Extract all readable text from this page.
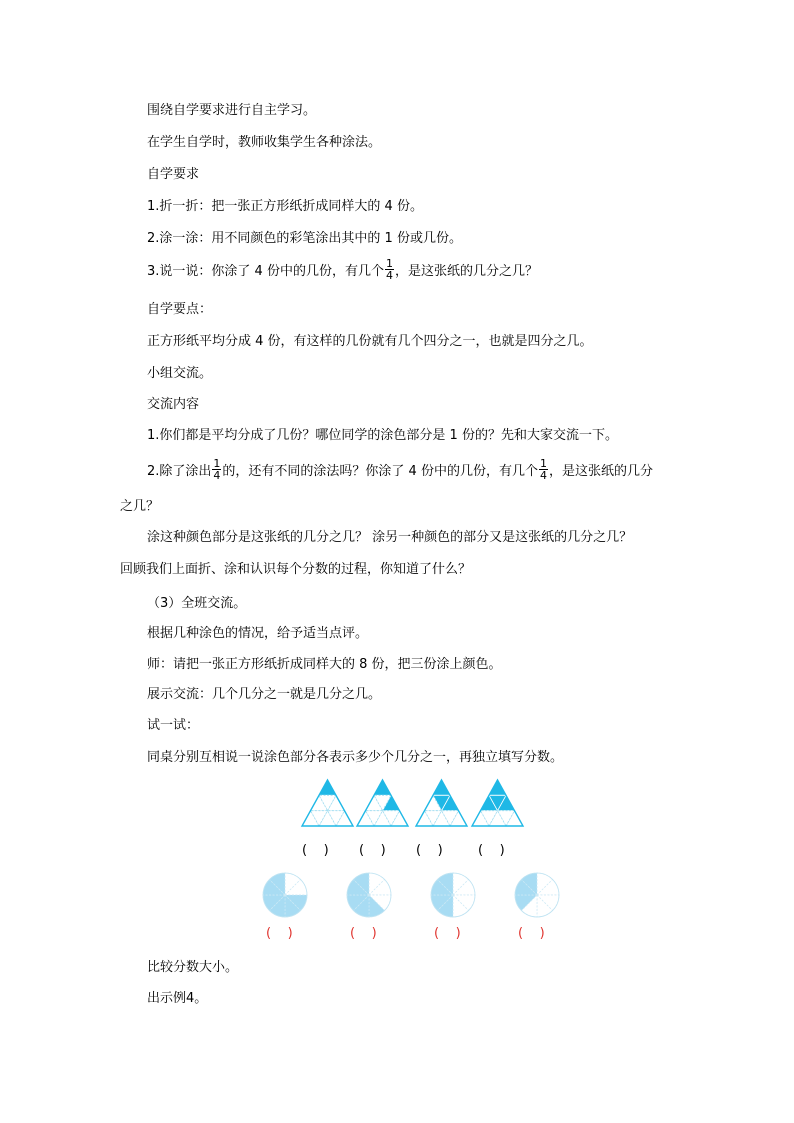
围绕自学要求进行自主学习。
在学生自学时，教师收集学生各种涂法。
自学要求
1.折一折：把一张正方形纸折成同样大的 4 份。
2.涂一涂：用不同颜色的彩笔涂出其中的 1 份或几份。
3.说一说：你涂了 4 份中的几份，有几个 $\frac{1}{4}$ ，是这张纸的几分之几？
自学要点：
正方形纸平均分成 4 份，有这样的几份就有几个四分之一，也就是四分之几。
小组交流。
交流内容
1.你们都是平均分成了几份？哪位同学的涂色部分是 1 份的？先和大家交流一下。
2.除了涂出 $\frac{1}{4}$ 的，还有不同的涂法吗？你涂了 4 份中的几份，有几个 $\frac{1}{4}$ ，是这张纸的几分
之几？
涂这种颜色部分是这张纸的几分之几？ 涂另一种颜色的部分又是这张纸的几分之几？
回顾我们上面折、涂和认识每个分数的过程，你知道了什么？
（3）全班交流。
根据几种涂色的情况，给予适当点评。
师：请把一张正方形纸折成同样大的 8 份，把三份涂上颜色。
展示交流：几个几分之一就是几分之几。
试一试：
同桌分别互相说一说涂色部分各表示多少个几分之一，再独立填写分数。
(    ) (    ) (    )	(    )
(    )	(    )	(    )	(    )
比较分数大小。
出示例4。
